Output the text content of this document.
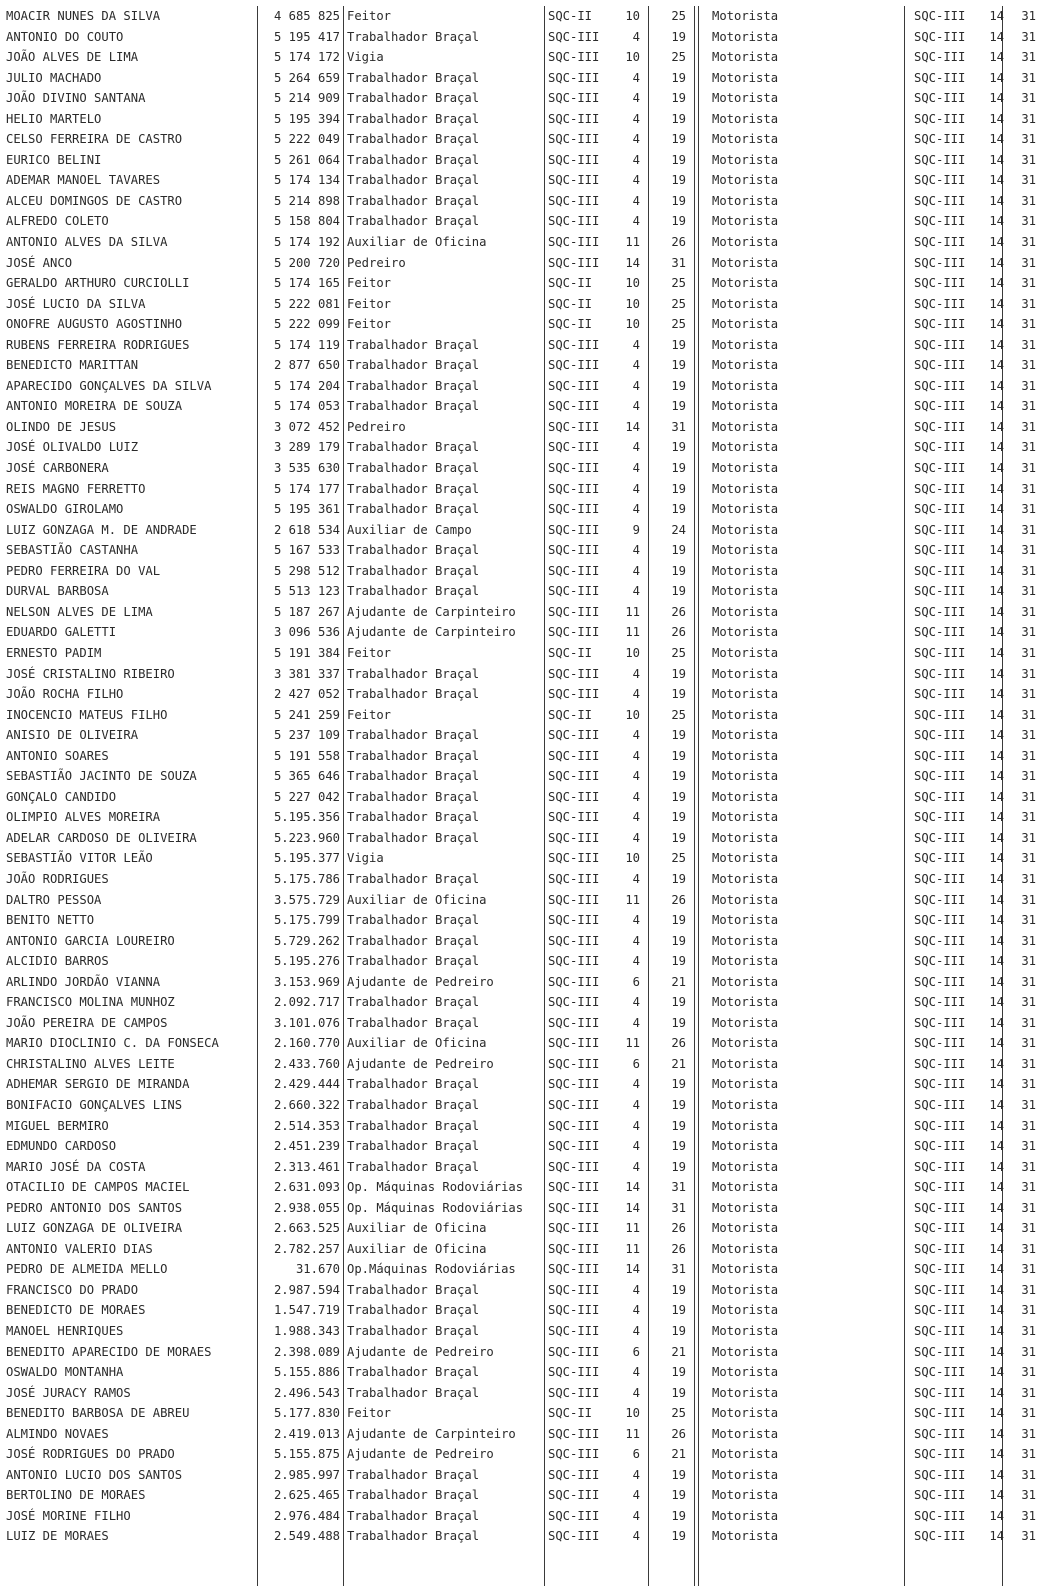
MOACIR NUNES DA SILVA	4 685 825 Feitor	SQC-II	10	25 Motorista	SQC-III	14	31
ANTONIO DO COUTO	5 195 417 Trabalhador Braçal	SQC-III	4	19 Motorista	SQC-III	14	31
JOÃO ALVES DE LIMA	5 174 172 Vigia	SQC-III	10	25 Motorista	SQC-III	14	31
JULIO MACHADO	5 264 659 Trabalhador Braçal	SQC-III	4	19 Motorista	SQC-III	14	31
JOÃO DIVINO SANTANA	5 214 909 Trabalhador Braçal	SQC-III	4	19 Motorista	SQC-III	14	31
HELIO MARTELO	5 195 394 Trabalhador Braçal	SQC-III	4	19 Motorista	SQC-III	14	31
CELSO FERREIRA DE CASTRO	5 222 049 Trabalhador Braçal	SQC-III	4	19 Motorista	SQC-III	14	31
EURICO BELINI	5 261 064 Trabalhador Braçal	SQC-III	4	19 Motorista	SQC-III	14	31
ADEMAR MANOEL TAVARES	5 174 134 Trabalhador Braçal	SQC-III	4	19 Motorista	SQC-III	14	31
ALCEU DOMINGOS DE CASTRO	5 214 898 Trabalhador Braçal	SQC-III	4	19 Motorista	SQC-III	14	31
ALFREDO COLETO	5 158 804 Trabalhador Braçal	SQC-III	4	19 Motorista	SQC-III	14	31
ANTONIO ALVES DA SILVA	5 174 192 Auxiliar de Oficina	SQC-III	11	26 Motorista	SQC-III	14	31
JOSÉ ANCO	5 200 720 Pedreiro	SQC-III	14	31 Motorista	SQC-III	14	31
GERALDO ARTHURO CURCIOLLI	5 174 165 Feitor	SQC-II	10	25 Motorista	SQC-III	14	31
JOSÉ LUCIO DA SILVA	5 222 081 Feitor	SQC-II	10	25 Motorista	SQC-III	14	31
ONOFRE AUGUSTO AGOSTINHO	5 222 099 Feitor	SQC-II	10	25 Motorista	SQC-III	14	31
RUBENS FERREIRA RODRIGUES	5 174 119 Trabalhador Braçal	SQC-III	4	19 Motorista	SQC-III	14	31
BENEDICTO MARITTAN	2 877 650 Trabalhador Braçal	SQC-III	4	19 Motorista	SQC-III	14	31
APARECIDO GONÇALVES DA SILVA	5 174 204 Trabalhador Braçal	SQC-III	4	19 Motorista	SQC-III	14	31
ANTONIO MOREIRA DE SOUZA	5 174 053 Trabalhador Braçal	SQC-III	4	19 Motorista	SQC-III	14	31
OLINDO DE JESUS	3 072 452 Pedreiro	SQC-III	14	31 Motorista	SQC-III	14	31
JOSÉ OLIVALDO LUIZ	3 289 179 Trabalhador Braçal	SQC-III	4	19 Motorista	SQC-III	14	31
JOSÉ CARBONERA	3 535 630 Trabalhador Braçal	SQC-III	4	19 Motorista	SQC-III	14	31
REIS MAGNO FERRETTO	5 174 177 Trabalhador Braçal	SQC-III	4	19 Motorista	SQC-III	14	31
OSWALDO GIROLAMO	5 195 361 Trabalhador Braçal	SQC-III	4	19 Motorista	SQC-III	14	31
LUIZ GONZAGA M. DE ANDRADE	2 618 534 Auxiliar de Campo	SQC-III	9	24 Motorista	SQC-III	14	31
SEBASTIÃO CASTANHA	5 167 533 Trabalhador Braçal	SQC-III	4	19 Motorista	SQC-III	14	31
PEDRO FERREIRA DO VAL	5 298 512 Trabalhador Braçal	SQC-III	4	19 Motorista	SQC-III	14	31
DURVAL BARBOSA	5 513 123 Trabalhador Braçal	SQC-III	4	19 Motorista	SQC-III	14	31
NELSON ALVES DE LIMA	5 187 267 Ajudante de Carpinteiro	SQC-III	11	26 Motorista	SQC-III	14	31
EDUARDO GALETTI	3 096 536 Ajudante de Carpinteiro	SQC-III	11	26 Motorista	SQC-III	14	31
ERNESTO PADIM	5 191 384 Feitor	SQC-II	10	25 Motorista	SQC-III	14	31
JOSÉ CRISTALINO RIBEIRO	3 381 337 Trabalhador Braçal	SQC-III	4	19 Motorista	SQC-III	14	31
JOÃO ROCHA FILHO	2 427 052 Trabalhador Braçal	SQC-III	4	19 Motorista	SQC-III	14	31
INOCENCIO MATEUS FILHO	5 241 259 Feitor	SQC-II	10	25 Motorista	SQC-III	14	31
ANISIO DE OLIVEIRA	5 237 109 Trabalhador Braçal	SQC-III	4	19 Motorista	SQC-III	14	31
ANTONIO SOARES	5 191 558 Trabalhador Braçal	SQC-III	4	19 Motorista	SQC-III	14	31
SEBASTIÃO JACINTO DE SOUZA	5 365 646 Trabalhador Braçal	SQC-III	4	19 Motorista	SQC-III	14	31
GONÇALO CANDIDO	5 227 042 Trabalhador Braçal	SQC-III	4	19 Motorista	SQC-III	14	31
OLIMPIO ALVES MOREIRA	5.195.356 Trabalhador Braçal	SQC-III	4	19 Motorista	SQC-III	14	31
ADELAR CARDOSO DE OLIVEIRA	5.223.960 Trabalhador Braçal	SQC-III	4	19 Motorista	SQC-III	14	31
SEBASTIÃO VITOR LEÃO	5.195.377 Vigia	SQC-III	10	25 Motorista	SQC-III	14	31
JOÃO RODRIGUES	5.175.786 Trabalhador Braçal	SQC-III	4	19 Motorista	SQC-III	14	31
DALTRO PESSOA	3.575.729 Auxiliar de Oficina	SQC-III	11	26 Motorista	SQC-III	14	31
BENITO NETTO	5.175.799 Trabalhador Braçal	SQC-III	4	19 Motorista	SQC-III	14	31
ANTONIO GARCIA LOUREIRO	5.729.262 Trabalhador Braçal	SQC-III	4	19 Motorista	SQC-III	14	31
ALCIDIO BARROS	5.195.276 Trabalhador Braçal	SQC-III	4	19 Motorista	SQC-III	14	31
ARLINDO JORDÃO VIANNA	3.153.969 Ajudante de Pedreiro	SQC-III	6	21 Motorista	SQC-III	14	31
FRANCISCO MOLINA MUNHOZ	2.092.717 Trabalhador Braçal	SQC-III	4	19 Motorista	SQC-III	14	31
JOÃO PEREIRA DE CAMPOS	3.101.076 Trabalhador Braçal	SQC-III	4	19 Motorista	SQC-III	14	31
MARIO DIOCLINIO C. DA FONSECA	2.160.770 Auxiliar de Oficina	SQC-III	11	26 Motorista	SQC-III	14	31
CHRISTALINO ALVES LEITE	2.433.760 Ajudante de Pedreiro	SQC-III	6	21 Motorista	SQC-III	14	31
ADHEMAR SERGIO DE MIRANDA	2.429.444 Trabalhador Braçal	SQC-III	4	19 Motorista	SQC-III	14	31
BONIFACIO GONÇALVES LINS	2.660.322 Trabalhador Braçal	SQC-III	4	19 Motorista	SQC-III	14	31
MIGUEL BERMIRO	2.514.353 Trabalhador Braçal	SQC-III	4	19 Motorista	SQC-III	14	31
EDMUNDO CARDOSO	2.451.239 Trabalhador Braçal	SQC-III	4	19 Motorista	SQC-III	14	31
MARIO JOSÉ DA COSTA	2.313.461 Trabalhador Braçal	SQC-III	4	19 Motorista	SQC-III	14	31
OTACILIO DE CAMPOS MACIEL	2.631.093 Op. Máquinas Rodoviárias	SQC-III	14	31 Motorista	SQC-III	14	31
PEDRO ANTONIO DOS SANTOS	2.938.055 Op. Máquinas Rodoviárias	SQC-III	14	31 Motorista	SQC-III	14	31
LUIZ GONZAGA DE OLIVEIRA	2.663.525 Auxiliar de Oficina	SQC-III	11	26 Motorista	SQC-III	14	31
ANTONIO VALERIO DIAS	2.782.257 Auxiliar de Oficina	SQC-III	11	26 Motorista	SQC-III	14	31
PEDRO DE ALMEIDA MELLO	31.670 Op.Máquinas Rodoviárias	SQC-III	14	31 Motorista	SQC-III	14	31
FRANCISCO DO PRADO	2.987.594 Trabalhador Braçal	SQC-III	4	19 Motorista	SQC-III	14	31
BENEDICTO DE MORAES	1.547.719 Trabalhador Braçal	SQC-III	4	19 Motorista	SQC-III	14	31
MANOEL HENRIQUES	1.988.343 Trabalhador Braçal	SQC-III	4	19 Motorista	SQC-III	14	31
BENEDITO APARECIDO DE MORAES	2.398.089 Ajudante de Pedreiro	SQC-III	6	21 Motorista	SQC-III	14	31
OSWALDO MONTANHA	5.155.886 Trabalhador Braçal	SQC-III	4	19 Motorista	SQC-III	14	31
JOSÉ JURACY RAMOS	2.496.543 Trabalhador Braçal	SQC-III	4	19 Motorista	SQC-III	14	31
BENEDITO BARBOSA DE ABREU	5.177.830 Feitor	SQC-II	10	25 Motorista	SQC-III	14	31
ALMINDO NOVAES	2.419.013 Ajudante de Carpinteiro	SQC-III	11	26 Motorista	SQC-III	14	31
JOSÉ RODRIGUES DO PRADO	5.155.875 Ajudante de Pedreiro	SQC-III	6	21 Motorista	SQC-III	14	31
ANTONIO LUCIO DOS SANTOS	2.985.997 Trabalhador Braçal	SQC-III	4	19 Motorista	SQC-III	14	31
BERTOLINO DE MORAES	2.625.465 Trabalhador Braçal	SQC-III	4	19 Motorista	SQC-III	14	31
JOSÉ MORINE FILHO	2.976.484 Trabalhador Braçal	SQC-III	4	19 Motorista	SQC-III	14	31
LUIZ DE MORAES	2.549.488 Trabalhador Braçal	SQC-III	4	19 Motorista	SQC-III	14	31
